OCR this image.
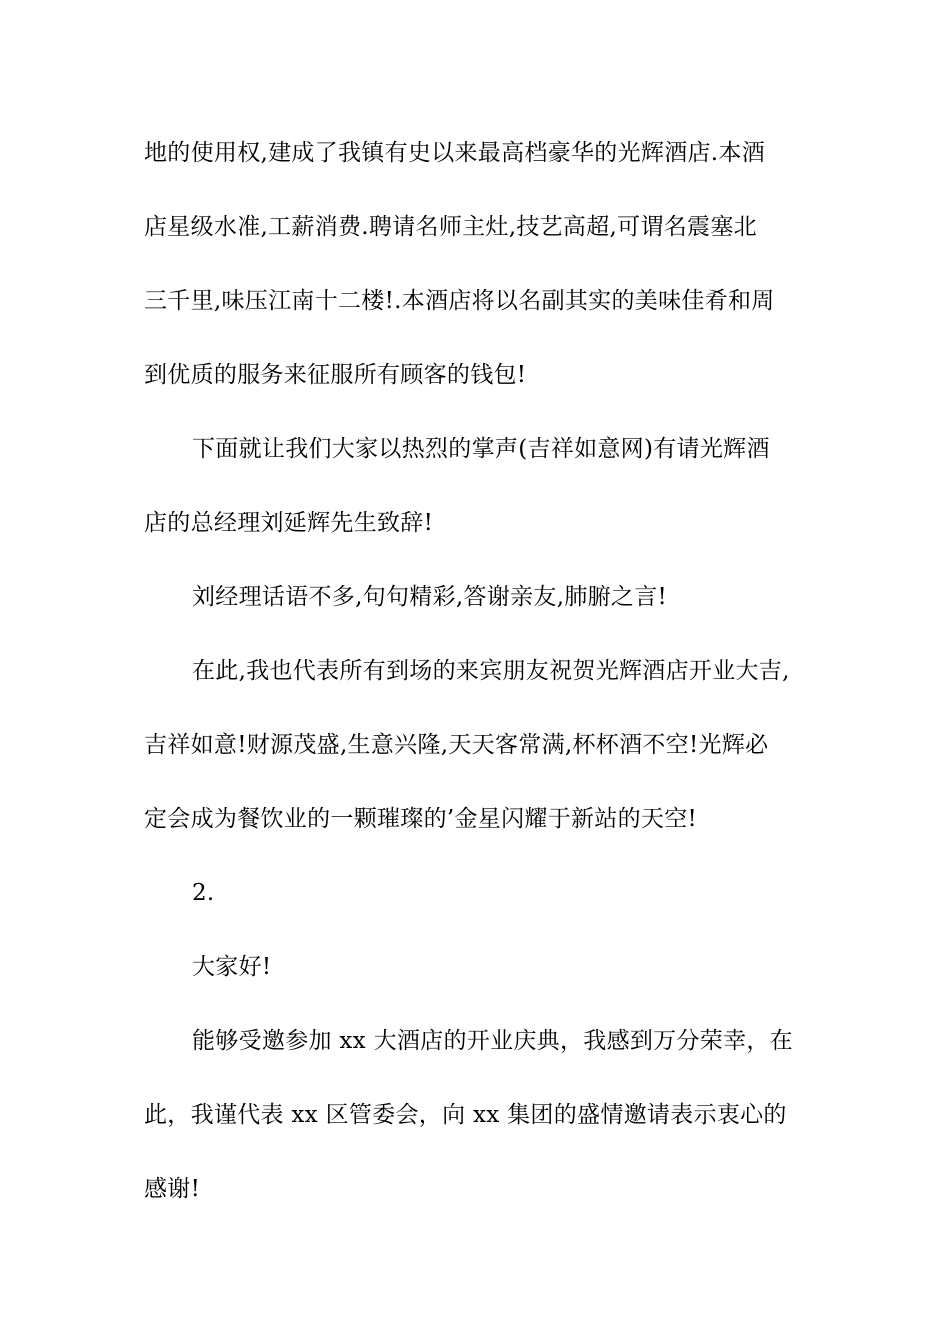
地的使用权,建成了我镇有史以来最高档豪华的光辉酒店.本酒
店星级水准,工薪消费.聘请名师主灶,技艺高超,可谓名震塞北
三千里,味压江南十二楼!.本酒店将以名副其实的美味佳肴和周
到优质的服务来征服所有顾客的钱包!
下面就让我们大家以热烈的掌声(吉祥如意网)有请光辉酒
店的总经理刘延辉先生致辞!
刘经理话语不多,句句精彩,答谢亲友,肺腑之言!
在此,我也代表所有到场的来宾朋友祝贺光辉酒店开业大吉,
吉祥如意!财源茂盛,生意兴隆,天天客常满,杯杯酒不空!光辉必
定会成为餐饮业的一颗璀璨的’金星闪耀于新站的天空!
2.
大家好!
能够受邀参加 xx 大酒店的开业庆典，我感到万分荣幸，在
此，我谨代表 xx 区管委会，向 xx 集团的盛情邀请表示衷心的
感谢!
